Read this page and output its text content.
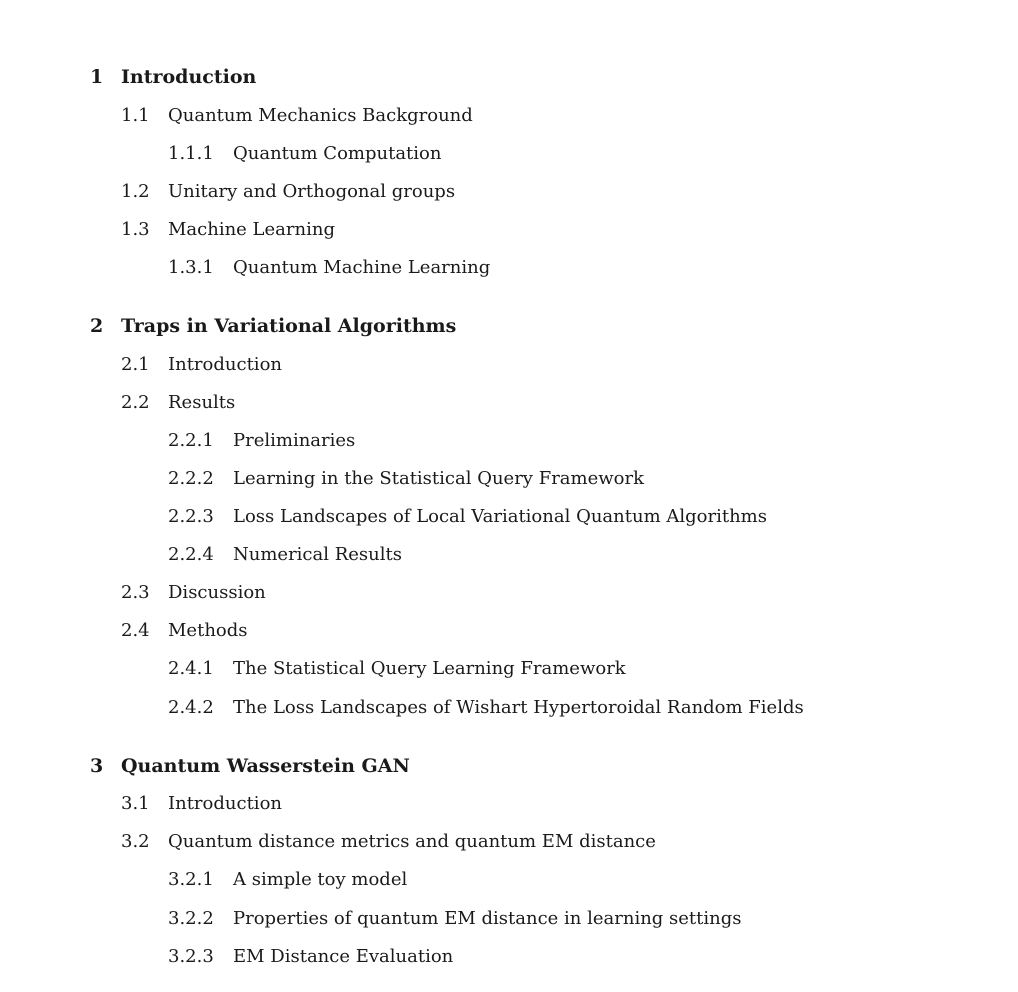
1 Introduction
1.1 Quantum Mechanics Background
1.1.1 Quantum Computation
1.2 Unitary and Orthogonal groups
1.3 Machine Learning
1.3.1 Quantum Machine Learning
2 Traps in Variational Algorithms
2.1 Introduction
2.2 Results
2.2.1 Preliminaries
2.2.2 Learning in the Statistical Query Framework
2.2.3 Loss Landscapes of Local Variational Quantum Algorithms
2.2.4 Numerical Results
2.3 Discussion
2.4 Methods
2.4.1 The Statistical Query Learning Framework
2.4.2 The Loss Landscapes of Wishart Hypertoroidal Random Fields
3 Quantum Wasserstein GAN
3.1 Introduction
3.2 Quantum distance metrics and quantum EM distance
3.2.1 A simple toy model
3.2.2 Properties of quantum EM distance in learning settings
3.2.3 EM Distance Evaluation
